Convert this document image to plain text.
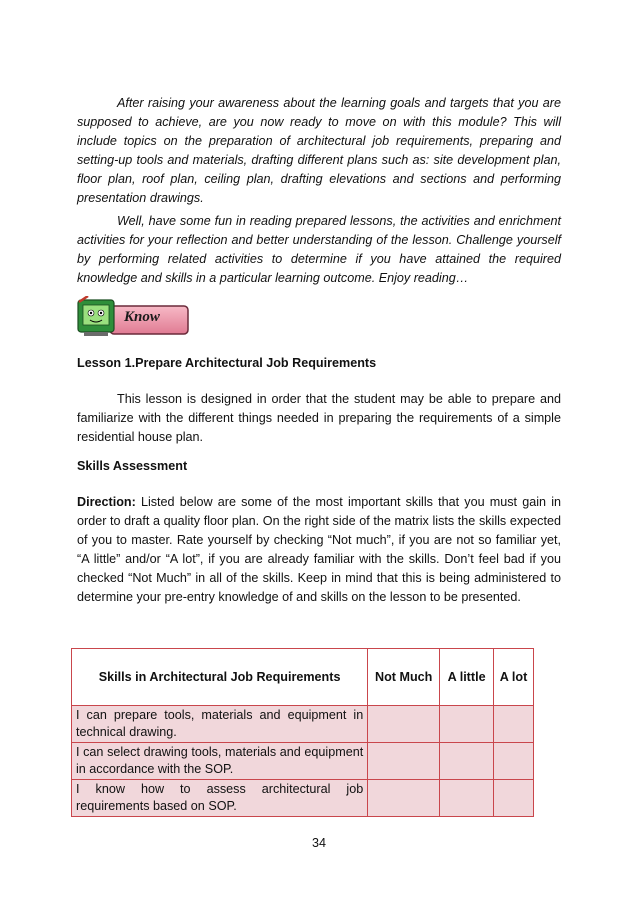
After raising your awareness about the learning goals and targets that you are supposed to achieve, are you now ready to move on with this module? This will include topics on the preparation of architectural job requirements, preparing and setting-up tools and materials, drafting different plans such as: site development plan, floor plan, roof plan, ceiling plan, drafting elevations and sections and performing presentation drawings.
Well, have some fun in reading prepared lessons, the activities and enrichment activities for your reflection and better understanding of the lesson. Challenge yourself by performing related activities to determine if you have attained the required knowledge and skills in a particular learning outcome. Enjoy reading…
Know
Lesson 1.Prepare Architectural Job Requirements
This lesson is designed in order that the student may be able to prepare and familiarize with the different things needed in preparing the requirements of a simple residential house plan.
Skills Assessment
Direction: Listed below are some of the most important skills that you must gain in order to draft a quality floor plan. On the right side of the matrix lists the skills expected of you to master. Rate yourself by checking “Not much”, if you are not so familiar yet, “A little” and/or “A lot”, if you are already familiar with the skills. Don’t feel bad if you checked “Not Much” in all of the skills. Keep in mind that this is being administered to determine your pre-entry knowledge of and skills on the lesson to be presented.
Skills in Architectural Job Requirements	Not Much	A little	A lot
I can prepare tools, materials and equipment in technical drawing.			
I can select drawing tools, materials and equipment in accordance with the SOP.			
I know how to assess architectural job requirements based on SOP.			
34
